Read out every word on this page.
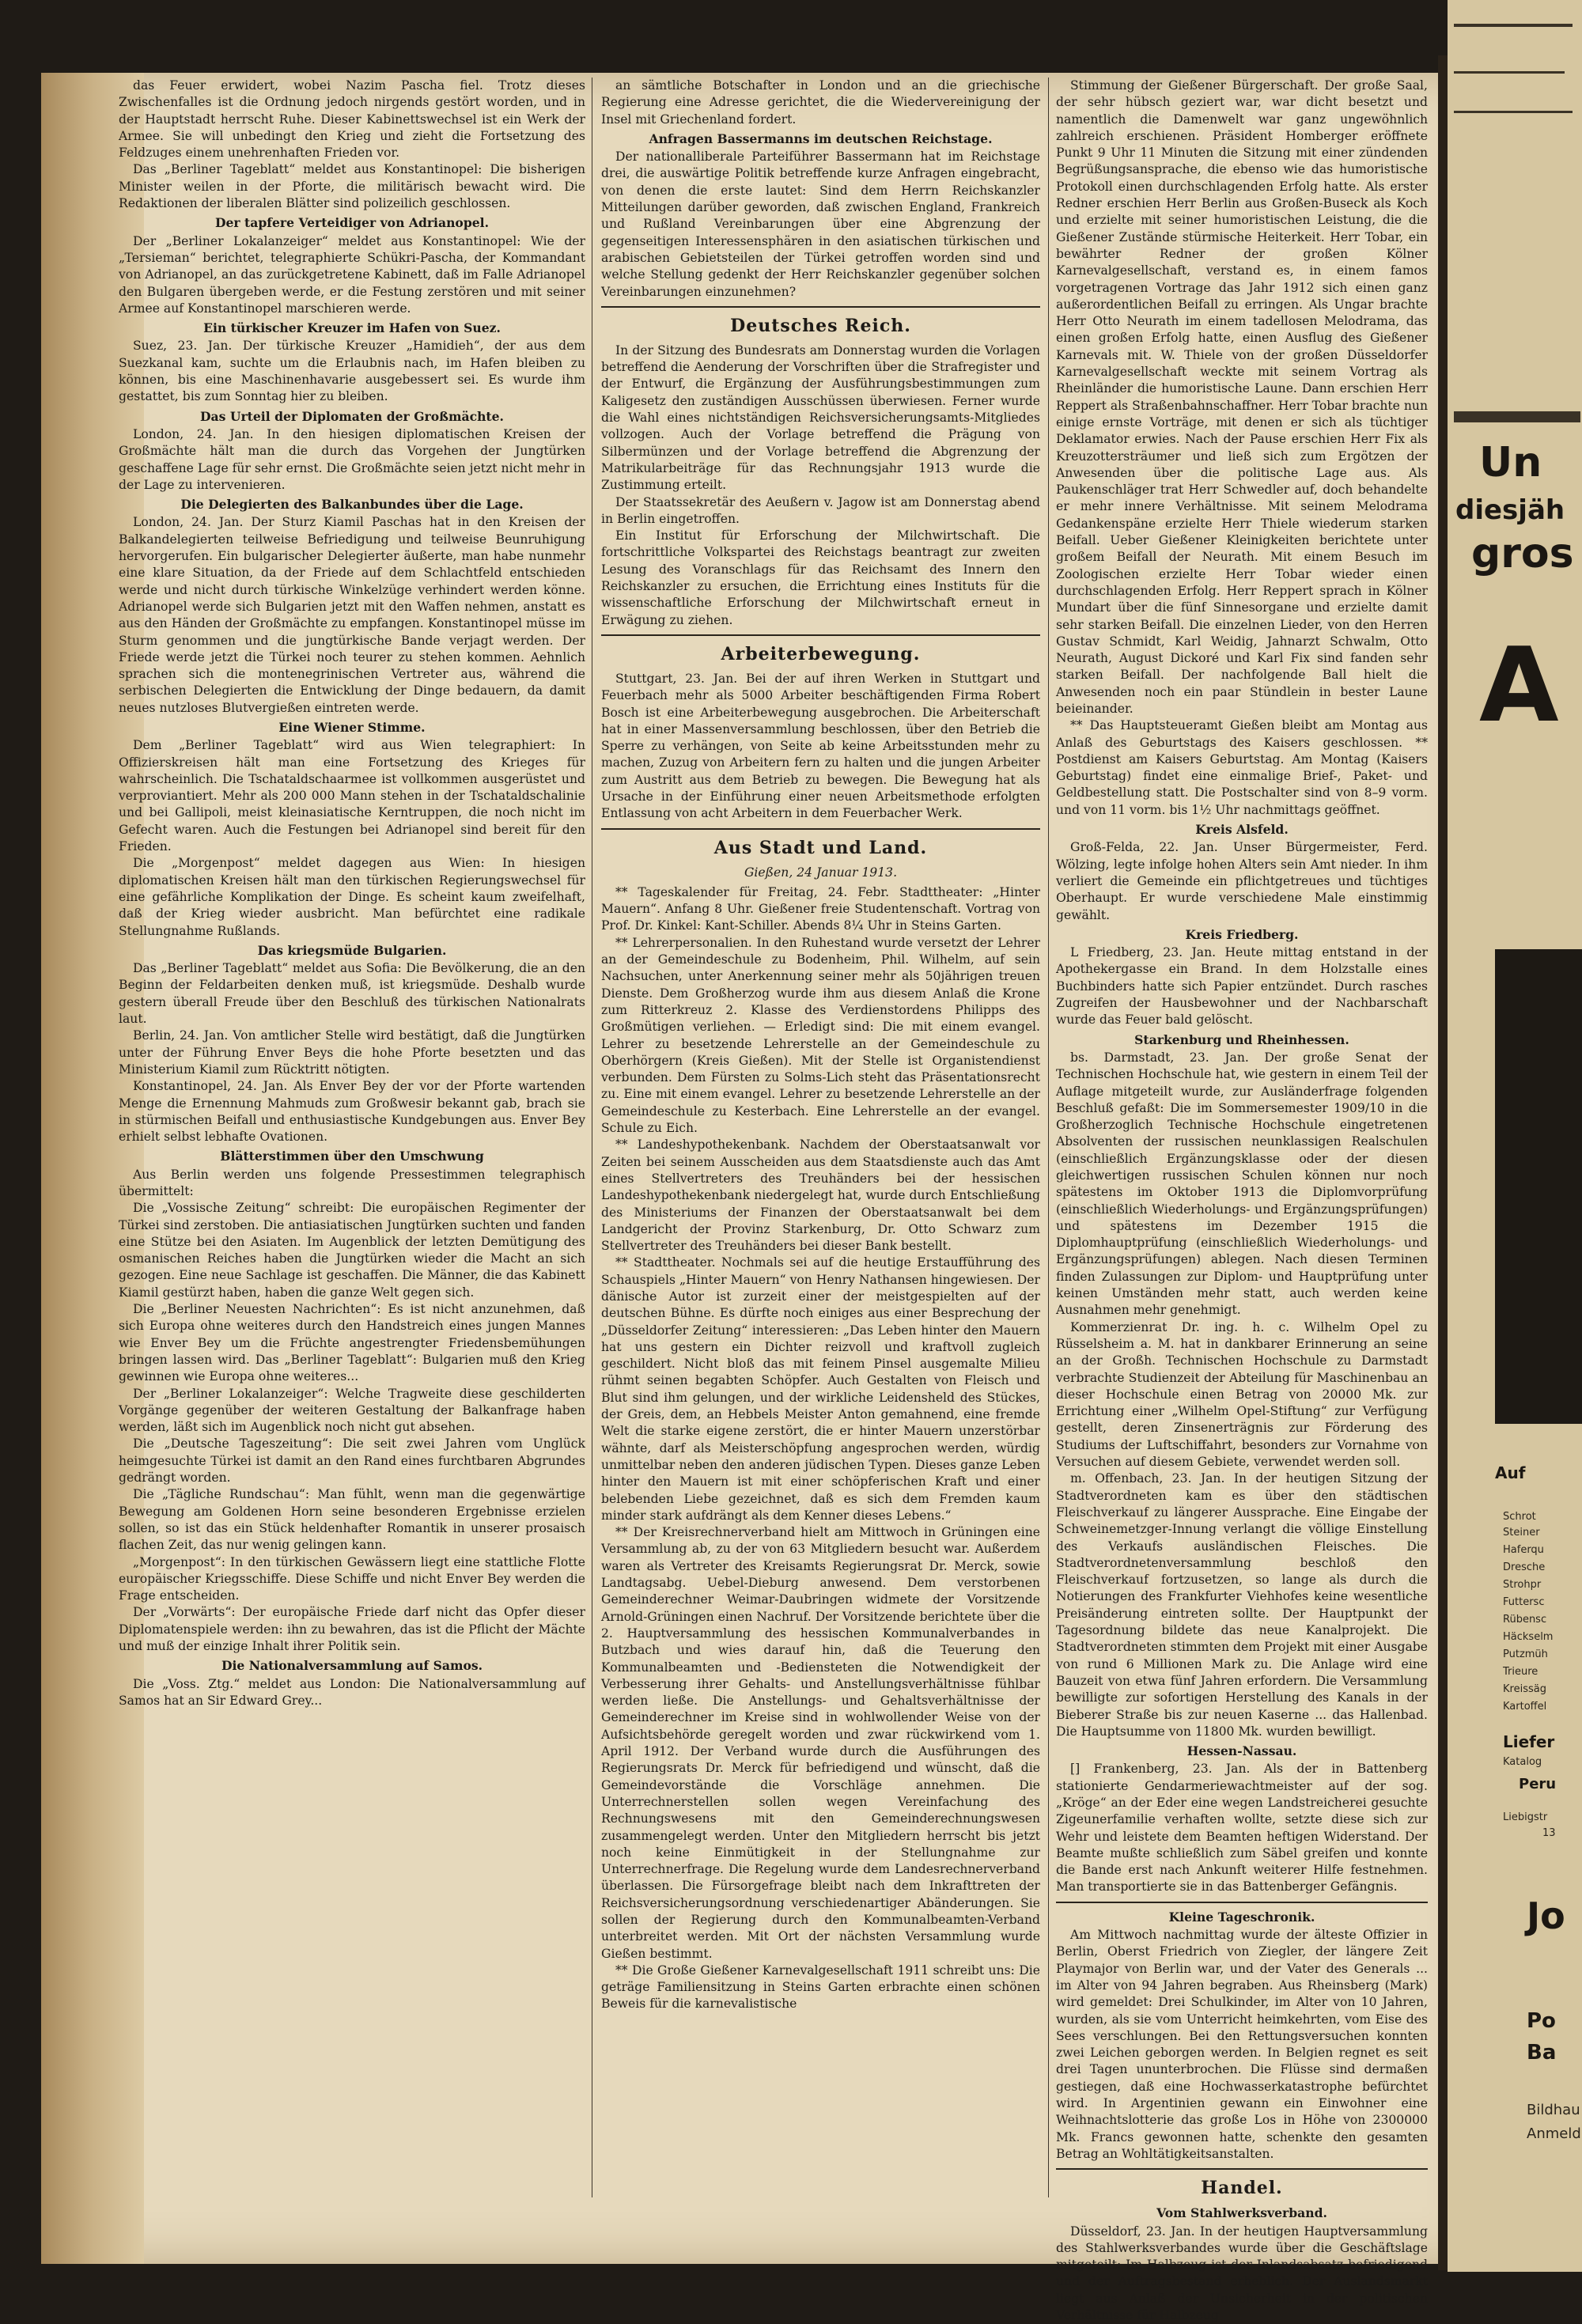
das Feuer erwidert, wobei Nazim Pascha fiel. Trotz dieses Zwischenfalles ist die Ordnung jedoch nirgends gestört worden, und in der Hauptstadt herrscht Ruhe. Dieser Kabinettswechsel ist ein Werk der Armee. Sie will unbedingt den Krieg und zieht die Fortsetzung des Feldzuges einem unehrenhaften Frieden vor.

Das „Berliner Tageblatt“ meldet aus Konstantinopel: Die bisherigen Minister weilen in der Pforte, die militärisch bewacht wird. Die Redaktionen der liberalen Blätter sind polizeilich geschlossen.

Der tapfere Verteidiger von Adrianopel.

Der „Berliner Lokalanzeiger“ meldet aus Konstantinopel: Wie der „Tersieman“ berichtet, telegraphierte Schükri-Pascha, der Kommandant von Adrianopel, an das zurückgetretene Kabinett, daß im Falle Adrianopel den Bulgaren übergeben werde, er die Festung zerstören und mit seiner Armee auf Konstantinopel marschieren werde.

Ein türkischer Kreuzer im Hafen von Suez.

Suez, 23. Jan. Der türkische Kreuzer „Hamidieh“, der aus dem Suezkanal kam, suchte um die Erlaubnis nach, im Hafen bleiben zu können, bis eine Maschinenhavarie ausgebessert sei. Es wurde ihm gestattet, bis zum Sonntag hier zu bleiben.

Das Urteil der Diplomaten der Großmächte.

London, 24. Jan. In den hiesigen diplomatischen Kreisen der Großmächte hält man die durch das Vorgehen der Jungtürken geschaffene Lage für sehr ernst. Die Großmächte seien jetzt nicht mehr in der Lage zu intervenieren.

Die Delegierten des Balkanbundes über die Lage.

London, 24. Jan. Der Sturz Kiamil Paschas hat in den Kreisen der Balkandelegierten teilweise Befriedigung und teilweise Beunruhigung hervorgerufen. Ein bulgarischer Delegierter äußerte, man habe nunmehr eine klare Situation, da der Friede auf dem Schlachtfeld entschieden werde und nicht durch türkische Winkelzüge verhindert werden könne. Adrianopel werde sich Bulgarien jetzt mit den Waffen nehmen, anstatt es aus den Händen der Großmächte zu empfangen. Konstantinopel müsse im Sturm genommen und die jungtürkische Bande verjagt werden. Der Friede werde jetzt die Türkei noch teurer zu stehen kommen. Aehnlich sprachen sich die montenegrinischen Vertreter aus, während die serbischen Delegierten die Entwicklung der Dinge bedauern, da damit neues nutzloses Blutvergießen eintreten werde.

Eine Wiener Stimme.

Dem „Berliner Tageblatt“ wird aus Wien telegraphiert: In Offizierskreisen hält man eine Fortsetzung des Krieges für wahrscheinlich. Die Tschataldschaarmee ist vollkommen ausgerüstet und verproviantiert. Mehr als 200 000 Mann stehen in der Tschataldschalinie und bei Gallipoli, meist kleinasiatische Kerntruppen, die noch nicht im Gefecht waren. Auch die Festungen bei Adrianopel sind bereit für den Frieden.

Die „Morgenpost“ meldet dagegen aus Wien: In hiesigen diplomatischen Kreisen hält man den türkischen Regierungswechsel für eine gefährliche Komplikation der Dinge. Es scheint kaum zweifelhaft, daß der Krieg wieder ausbricht. Man befürchtet eine radikale Stellungnahme Rußlands.

Das kriegsmüde Bulgarien.

Das „Berliner Tageblatt“ meldet aus Sofia: Die Bevölkerung, die an den Beginn der Feldarbeiten denken muß, ist kriegsmüde. Deshalb wurde gestern überall Freude über den Beschluß des türkischen Nationalrats laut.

Berlin, 24. Jan. Von amtlicher Stelle wird bestätigt, daß die Jungtürken unter der Führung Enver Beys die hohe Pforte besetzten und das Ministerium Kiamil zum Rücktritt nötigten.

Konstantinopel, 24. Jan. Als Enver Bey der vor der Pforte wartenden Menge die Ernennung Mahmuds zum Großwesir bekannt gab, brach sie in stürmischen Beifall und enthusiastische Kundgebungen aus. Enver Bey erhielt selbst lebhafte Ovationen.

Blätterstimmen über den Umschwung

Aus Berlin werden uns folgende Pressestimmen telegraphisch übermittelt:

Die „Vossische Zeitung“ schreibt: Die europäischen Regimenter der Türkei sind zerstoben. Die antiasiatischen Jungtürken suchten und fanden eine Stütze bei den Asiaten. Im Augenblick der letzten Demütigung des osmanischen Reiches haben die Jungtürken wieder die Macht an sich gezogen. Eine neue Sachlage ist geschaffen. Die Männer, die das Kabinett Kiamil gestürzt haben, haben die ganze Welt gegen sich.

Die „Berliner Neuesten Nachrichten“: Es ist nicht anzunehmen, daß sich Europa ohne weiteres durch den Handstreich eines jungen Mannes wie Enver Bey um die Früchte angestrengter Friedensbemühungen bringen lassen wird. Das „Berliner Tageblatt“: Bulgarien muß den Krieg gewinnen wie Europa ohne weiteres...

Der „Berliner Lokalanzeiger“: Welche Tragweite diese geschilderten Vorgänge gegenüber der weiteren Gestaltung der Balkanfrage haben werden, läßt sich im Augenblick noch nicht gut absehen.

Die „Deutsche Tageszeitung“: Die seit zwei Jahren vom Unglück heimgesuchte Türkei ist damit an den Rand eines furchtbaren Abgrundes gedrängt worden.

Die „Tägliche Rundschau“: Man fühlt, wenn man die gegenwärtige Bewegung am Goldenen Horn seine besonderen Ergebnisse erzielen sollen, so ist das ein Stück heldenhafter Romantik in unserer prosaisch flachen Zeit, das nur wenig gelingen kann.

„Morgenpost“: In den türkischen Gewässern liegt eine stattliche Flotte europäischer Kriegsschiffe. Diese Schiffe und nicht Enver Bey werden die Frage entscheiden.

Der „Vorwärts“: Der europäische Friede darf nicht das Opfer dieser Diplomatenspiele werden: ihn zu bewahren, das ist die Pflicht der Mächte und muß der einzige Inhalt ihrer Politik sein.

Die Nationalversammlung auf Samos.

Die „Voss. Ztg.“ meldet aus London: Die Nationalversammlung auf Samos hat an Sir Edward Grey...

an sämtliche Botschafter in London und an die griechische Regierung eine Adresse gerichtet, die die Wiedervereinigung der Insel mit Griechenland fordert.

Anfragen Bassermanns im deutschen Reichstage.

Der nationalliberale Parteiführer Bassermann hat im Reichstage drei, die auswärtige Politik betreffende kurze Anfragen eingebracht, von denen die erste lautet: Sind dem Herrn Reichskanzler Mitteilungen darüber geworden, daß zwischen England, Frankreich und Rußland Vereinbarungen über eine Abgrenzung der gegenseitigen Interessensphären in den asiatischen türkischen und arabischen Gebietsteilen der Türkei getroffen worden sind und welche Stellung gedenkt der Herr Reichskanzler gegenüber solchen Vereinbarungen einzunehmen?

Deutsches Reich.

In der Sitzung des Bundesrats am Donnerstag wurden die Vorlagen betreffend die Aenderung der Vorschriften über die Strafregister und der Entwurf, die Ergänzung der Ausführungsbestimmungen zum Kaligesetz den zuständigen Ausschüssen überwiesen. Ferner wurde die Wahl eines nichtständigen Reichsversicherungsamts-Mitgliedes vollzogen. Auch der Vorlage betreffend die Prägung von Silbermünzen und der Vorlage betreffend die Abgrenzung der Matrikularbeiträge für das Rechnungsjahr 1913 wurde die Zustimmung erteilt.

Der Staatssekretär des Aeußern v. Jagow ist am Donnerstag abend in Berlin eingetroffen.

Ein Institut für Erforschung der Milchwirtschaft. Die fortschrittliche Volkspartei des Reichstags beantragt zur zweiten Lesung des Voranschlags für das Reichsamt des Innern den Reichskanzler zu ersuchen, die Errichtung eines Instituts für die wissenschaftliche Erforschung der Milchwirtschaft erneut in Erwägung zu ziehen.

Arbeiterbewegung.

Stuttgart, 23. Jan. Bei der auf ihren Werken in Stuttgart und Feuerbach mehr als 5000 Arbeiter beschäftigenden Firma Robert Bosch ist eine Arbeiterbewegung ausgebrochen. Die Arbeiterschaft hat in einer Massenversammlung beschlossen, über den Betrieb die Sperre zu verhängen, von Seite ab keine Arbeitsstunden mehr zu machen, Zuzug von Arbeitern fern zu halten und die jungen Arbeiter zum Austritt aus dem Betrieb zu bewegen. Die Bewegung hat als Ursache in der Einführung einer neuen Arbeitsmethode erfolgten Entlassung von acht Arbeitern in dem Feuerbacher Werk.

Aus Stadt und Land.
Gießen, 24 Januar 1913.

** Tageskalender für Freitag, 24. Febr. Stadttheater: „Hinter Mauern“. Anfang 8 Uhr. Gießener freie Studentenschaft. Vortrag von Prof. Dr. Kinkel: Kant-Schiller. Abends 8¼ Uhr in Steins Garten.

** Lehrerpersonalien. In den Ruhestand wurde versetzt der Lehrer an der Gemeindeschule zu Bodenheim, Phil. Wilhelm, auf sein Nachsuchen, unter Anerkennung seiner mehr als 50jährigen treuen Dienste. Dem Großherzog wurde ihm aus diesem Anlaß die Krone zum Ritterkreuz 2. Klasse des Verdienstordens Philipps des Großmütigen verliehen. — Erledigt sind: Die mit einem evangel. Lehrer zu besetzende Lehrerstelle an der Gemeindeschule zu Oberhörgern (Kreis Gießen). Mit der Stelle ist Organistendienst verbunden. Dem Fürsten zu Solms-Lich steht das Präsentationsrecht zu. Eine mit einem evangel. Lehrer zu besetzende Lehrerstelle an der Gemeindeschule zu Kesterbach. Eine Lehrerstelle an der evangel. Schule zu Eich.

** Landeshypothekenbank. Nachdem der Oberstaatsanwalt vor Zeiten bei seinem Ausscheiden aus dem Staatsdienste auch das Amt eines Stellvertreters des Treuhänders bei der hessischen Landeshypothekenbank niedergelegt hat, wurde durch Entschließung des Ministeriums der Finanzen der Oberstaatsanwalt bei dem Landgericht der Provinz Starkenburg, Dr. Otto Schwarz zum Stellvertreter des Treuhänders bei dieser Bank bestellt.

** Stadttheater. Nochmals sei auf die heutige Erstaufführung des Schauspiels „Hinter Mauern“ von Henry Nathansen hingewiesen. Der dänische Autor ist zurzeit einer der meistgespielten auf der deutschen Bühne. Es dürfte noch einiges aus einer Besprechung der „Düsseldorfer Zeitung“ interessieren: „Das Leben hinter den Mauern hat uns gestern ein Dichter reizvoll und kraftvoll zugleich geschildert. Nicht bloß das mit feinem Pinsel ausgemalte Milieu rühmt seinen begabten Schöpfer. Auch Gestalten von Fleisch und Blut sind ihm gelungen, und der wirkliche Leidensheld des Stückes, der Greis, dem, an Hebbels Meister Anton gemahnend, eine fremde Welt die starke eigene zerstört, die er hinter Mauern unzerstörbar wähnte, darf als Meisterschöpfung angesprochen werden, würdig unmittelbar neben den anderen jüdischen Typen. Dieses ganze Leben hinter den Mauern ist mit einer schöpferischen Kraft und einer belebenden Liebe gezeichnet, daß es sich dem Fremden kaum minder stark aufdrängt als dem Kenner dieses Lebens.“

** Der Kreisrechnerverband hielt am Mittwoch in Grüningen eine Versammlung ab, zu der von 63 Mitgliedern besucht war. Außerdem waren als Vertreter des Kreisamts Regierungsrat Dr. Merck, sowie Landtagsabg. Uebel-Dieburg anwesend. Dem verstorbenen Gemeinderechner Weimar-Daubringen widmete der Vorsitzende Arnold-Grüningen einen Nachruf. Der Vorsitzende berichtete über die 2. Hauptversammlung des hessischen Kommunalverbandes in Butzbach und wies darauf hin, daß die Teuerung den Kommunalbeamten und -Bediensteten die Notwendigkeit der Verbesserung ihrer Gehalts- und Anstellungsverhältnisse fühlbar werden ließe. Die Anstellungs- und Gehaltsverhältnisse der Gemeinderechner im Kreise sind in wohlwollender Weise von der Aufsichtsbehörde geregelt worden und zwar rückwirkend vom 1. April 1912. Der Verband wurde durch die Ausführungen des Regierungsrats Dr. Merck für befriedigend und wünscht, daß die Gemeindevorstände die Vorschläge annehmen. Die Unterrechnerstellen sollen wegen Vereinfachung des Rechnungswesens mit den Gemeinderechnungswesen zusammengelegt werden. Unter den Mitgliedern herrscht bis jetzt noch keine Einmütigkeit in der Stellungnahme zur Unterrechnerfrage. Die Regelung wurde dem Landesrechnerverband überlassen. Die Fürsorgefrage bleibt nach dem Inkrafttreten der Reichsversicherungsordnung verschiedenartiger Abänderungen. Sie sollen der Regierung durch den Kommunalbeamten-Verband unterbreitet werden. Mit Ort der nächsten Versammlung wurde Gießen bestimmt.

** Die Große Gießener Karnevalgesellschaft 1911 schreibt uns: Die geträge Familiensitzung in Steins Garten erbrachte einen schönen Beweis für die karnevalistische

Stimmung der Gießener Bürgerschaft. Der große Saal, der sehr hübsch geziert war, war dicht besetzt und namentlich die Damenwelt war ganz ungewöhnlich zahlreich erschienen. Präsident Homberger eröffnete Punkt 9 Uhr 11 Minuten die Sitzung mit einer zündenden Begrüßungsansprache, die ebenso wie das humoristische Protokoll einen durchschlagenden Erfolg hatte. Als erster Redner erschien Herr Berlin aus Großen-Buseck als Koch und erzielte mit seiner humoristischen Leistung, die die Gießener Zustände stürmische Heiterkeit. Herr Tobar, ein bewährter Redner der großen Kölner Karnevalgesellschaft, verstand es, in einem famos vorgetragenen Vortrage das Jahr 1912 sich einen ganz außerordentlichen Beifall zu erringen. Als Ungar brachte Herr Otto Neurath im einem tadellosen Melodrama, das einen großen Erfolg hatte, einen Ausflug des Gießener Karnevals mit. W. Thiele von der großen Düsseldorfer Karnevalgesellschaft weckte mit seinem Vortrag als Rheinländer die humoristische Laune. Dann erschien Herr Reppert als Straßenbahnschaffner. Herr Tobar brachte nun einige ernste Vorträge, mit denen er sich als tüchtiger Deklamator erwies. Nach der Pause erschien Herr Fix als Kreuzottersträumer und ließ sich zum Ergötzen der Anwesenden über die politische Lage aus. Als Paukenschläger trat Herr Schwedler auf, doch behandelte er mehr innere Verhältnisse. Mit seinem Melodrama Gedankenspäne erzielte Herr Thiele wiederum starken Beifall. Ueber Gießener Kleinigkeiten berichtete unter großem Beifall der Neurath. Mit einem Besuch im Zoologischen erzielte Herr Tobar wieder einen durchschlagenden Erfolg. Herr Reppert sprach in Kölner Mundart über die fünf Sinnesorgane und erzielte damit sehr starken Beifall. Die einzelnen Lieder, von den Herren Gustav Schmidt, Karl Weidig, Jahnarzt Schwalm, Otto Neurath, August Dickoré und Karl Fix sind fanden sehr starken Beifall. Der nachfolgende Ball hielt die Anwesenden noch ein paar Stündlein in bester Laune beieinander.

** Das Hauptsteueramt Gießen bleibt am Montag aus Anlaß des Geburtstags des Kaisers geschlossen. ** Postdienst am Kaisers Geburtstag. Am Montag (Kaisers Geburtstag) findet eine einmalige Brief-, Paket- und Geldbestellung statt. Die Postschalter sind von 8–9 vorm. und von 11 vorm. bis 1½ Uhr nachmittags geöffnet.

Kreis Alsfeld.

Groß-Felda, 22. Jan. Unser Bürgermeister, Ferd. Wölzing, legte infolge hohen Alters sein Amt nieder. In ihm verliert die Gemeinde ein pflichtgetreues und tüchtiges Oberhaupt. Er wurde verschiedene Male einstimmig gewählt.

Kreis Friedberg.

L Friedberg, 23. Jan. Heute mittag entstand in der Apothekergasse ein Brand. In dem Holzstalle eines Buchbinders hatte sich Papier entzündet. Durch rasches Zugreifen der Hausbewohner und der Nachbarschaft wurde das Feuer bald gelöscht.

Starkenburg und Rheinhessen.

bs. Darmstadt, 23. Jan. Der große Senat der Technischen Hochschule hat, wie gestern in einem Teil der Auflage mitgeteilt wurde, zur Ausländerfrage folgenden Beschluß gefaßt: Die im Sommersemester 1909/10 in die Großherzoglich Technische Hochschule eingetretenen Absolventen der russischen neunklassigen Realschulen (einschließlich Ergänzungsklasse oder der diesen gleichwertigen russischen Schulen können nur noch spätestens im Oktober 1913 die Diplomvorprüfung (einschließlich Wiederholungs- und Ergänzungsprüfungen) und spätestens im Dezember 1915 die Diplomhauptprüfung (einschließlich Wiederholungs- und Ergänzungsprüfungen) ablegen. Nach diesen Terminen finden Zulassungen zur Diplom- und Hauptprüfung unter keinen Umständen mehr statt, auch werden keine Ausnahmen mehr genehmigt.

Kommerzienrat Dr. ing. h. c. Wilhelm Opel zu Rüsselsheim a. M. hat in dankbarer Erinnerung an seine an der Großh. Technischen Hochschule zu Darmstadt verbrachte Studienzeit der Abteilung für Maschinenbau an dieser Hochschule einen Betrag von 20000 Mk. zur Errichtung einer „Wilhelm Opel-Stiftung“ zur Verfügung gestellt, deren Zinsenerträgnis zur Förderung des Studiums der Luftschiffahrt, besonders zur Vornahme von Versuchen auf diesem Gebiete, verwendet werden soll.

m. Offenbach, 23. Jan. In der heutigen Sitzung der Stadtverordneten kam es über den städtischen Fleischverkauf zu längerer Aussprache. Eine Eingabe der Schweinemetzger-Innung verlangt die völlige Einstellung des Verkaufs ausländischen Fleisches. Die Stadtverordnetenversammlung beschloß den Fleischverkauf fortzusetzen, so lange als durch die Notierungen des Frankfurter Viehhofes keine wesentliche Preisänderung eintreten sollte. Der Hauptpunkt der Tagesordnung bildete das neue Kanalprojekt. Die Stadtverordneten stimmten dem Projekt mit einer Ausgabe von rund 6 Millionen Mark zu. Die Anlage wird eine Bauzeit von etwa fünf Jahren erfordern. Die Versammlung bewilligte zur sofortigen Herstellung des Kanals in der Bieberer Straße bis zur neuen Kaserne ... das Hallenbad. Die Hauptsumme von 11800 Mk. wurden bewilligt.

Hessen-Nassau.

[] Frankenberg, 23. Jan. Als der in Battenberg stationierte Gendarmeriewachtmeister auf der sog. „Kröge“ an der Eder eine wegen Landstreicherei gesuchte Zigeunerfamilie verhaften wollte, setzte diese sich zur Wehr und leistete dem Beamten heftigen Widerstand. Der Beamte mußte schließlich zum Säbel greifen und konnte die Bande erst nach Ankunft weiterer Hilfe festnehmen. Man transportierte sie in das Battenberger Gefängnis.

Kleine Tageschronik.

Am Mittwoch nachmittag wurde der älteste Offizier in Berlin, Oberst Friedrich von Ziegler, der längere Zeit Playmajor von Berlin war, und der Vater des Generals ... im Alter von 94 Jahren begraben. Aus Rheinsberg (Mark) wird gemeldet: Drei Schulkinder, im Alter von 10 Jahren, wurden, als sie vom Unterricht heimkehrten, vom Eise des Sees verschlungen. Bei den Rettungsversuchen konnten zwei Leichen geborgen werden. In Belgien regnet es seit drei Tagen ununterbrochen. Die Flüsse sind dermaßen gestiegen, daß eine Hochwasserkatastrophe befürchtet wird. In Argentinien gewann ein Einwohner eine Weihnachtslotterie das große Los in Höhe von 2300000 Mk. Francs gewonnen hatte, schenkte den gesamten Betrag an Wohltätigkeitsanstalten.

Handel.
Vom Stahlwerksverband.

Düsseldorf, 23. Jan. In der heutigen Hauptversammlung des Stahlwerksverbandes wurde über die Geschäftslage mitgeteilt: Im Halbzeug ist der Inlandsabsatz befriedigend und der Auftragsbestand erheblich. Der Auslandsmarkt liegt aus Anlaß der Unsicherheit in der politischen Verhältnisse für Halbzeug

Un
diesjäh
gros
A
Auf
Schrot
Steiner
Haferqu
Dresche
Strohpr
Futtersc
Rübensc
Häckselm
Putzmüh
Trieure
Kreissäg
Kartoffel
Liefer
Katalog
Peru
Liebigstr
13
Jo
Po
Ba
Bildhau
Anmeld
